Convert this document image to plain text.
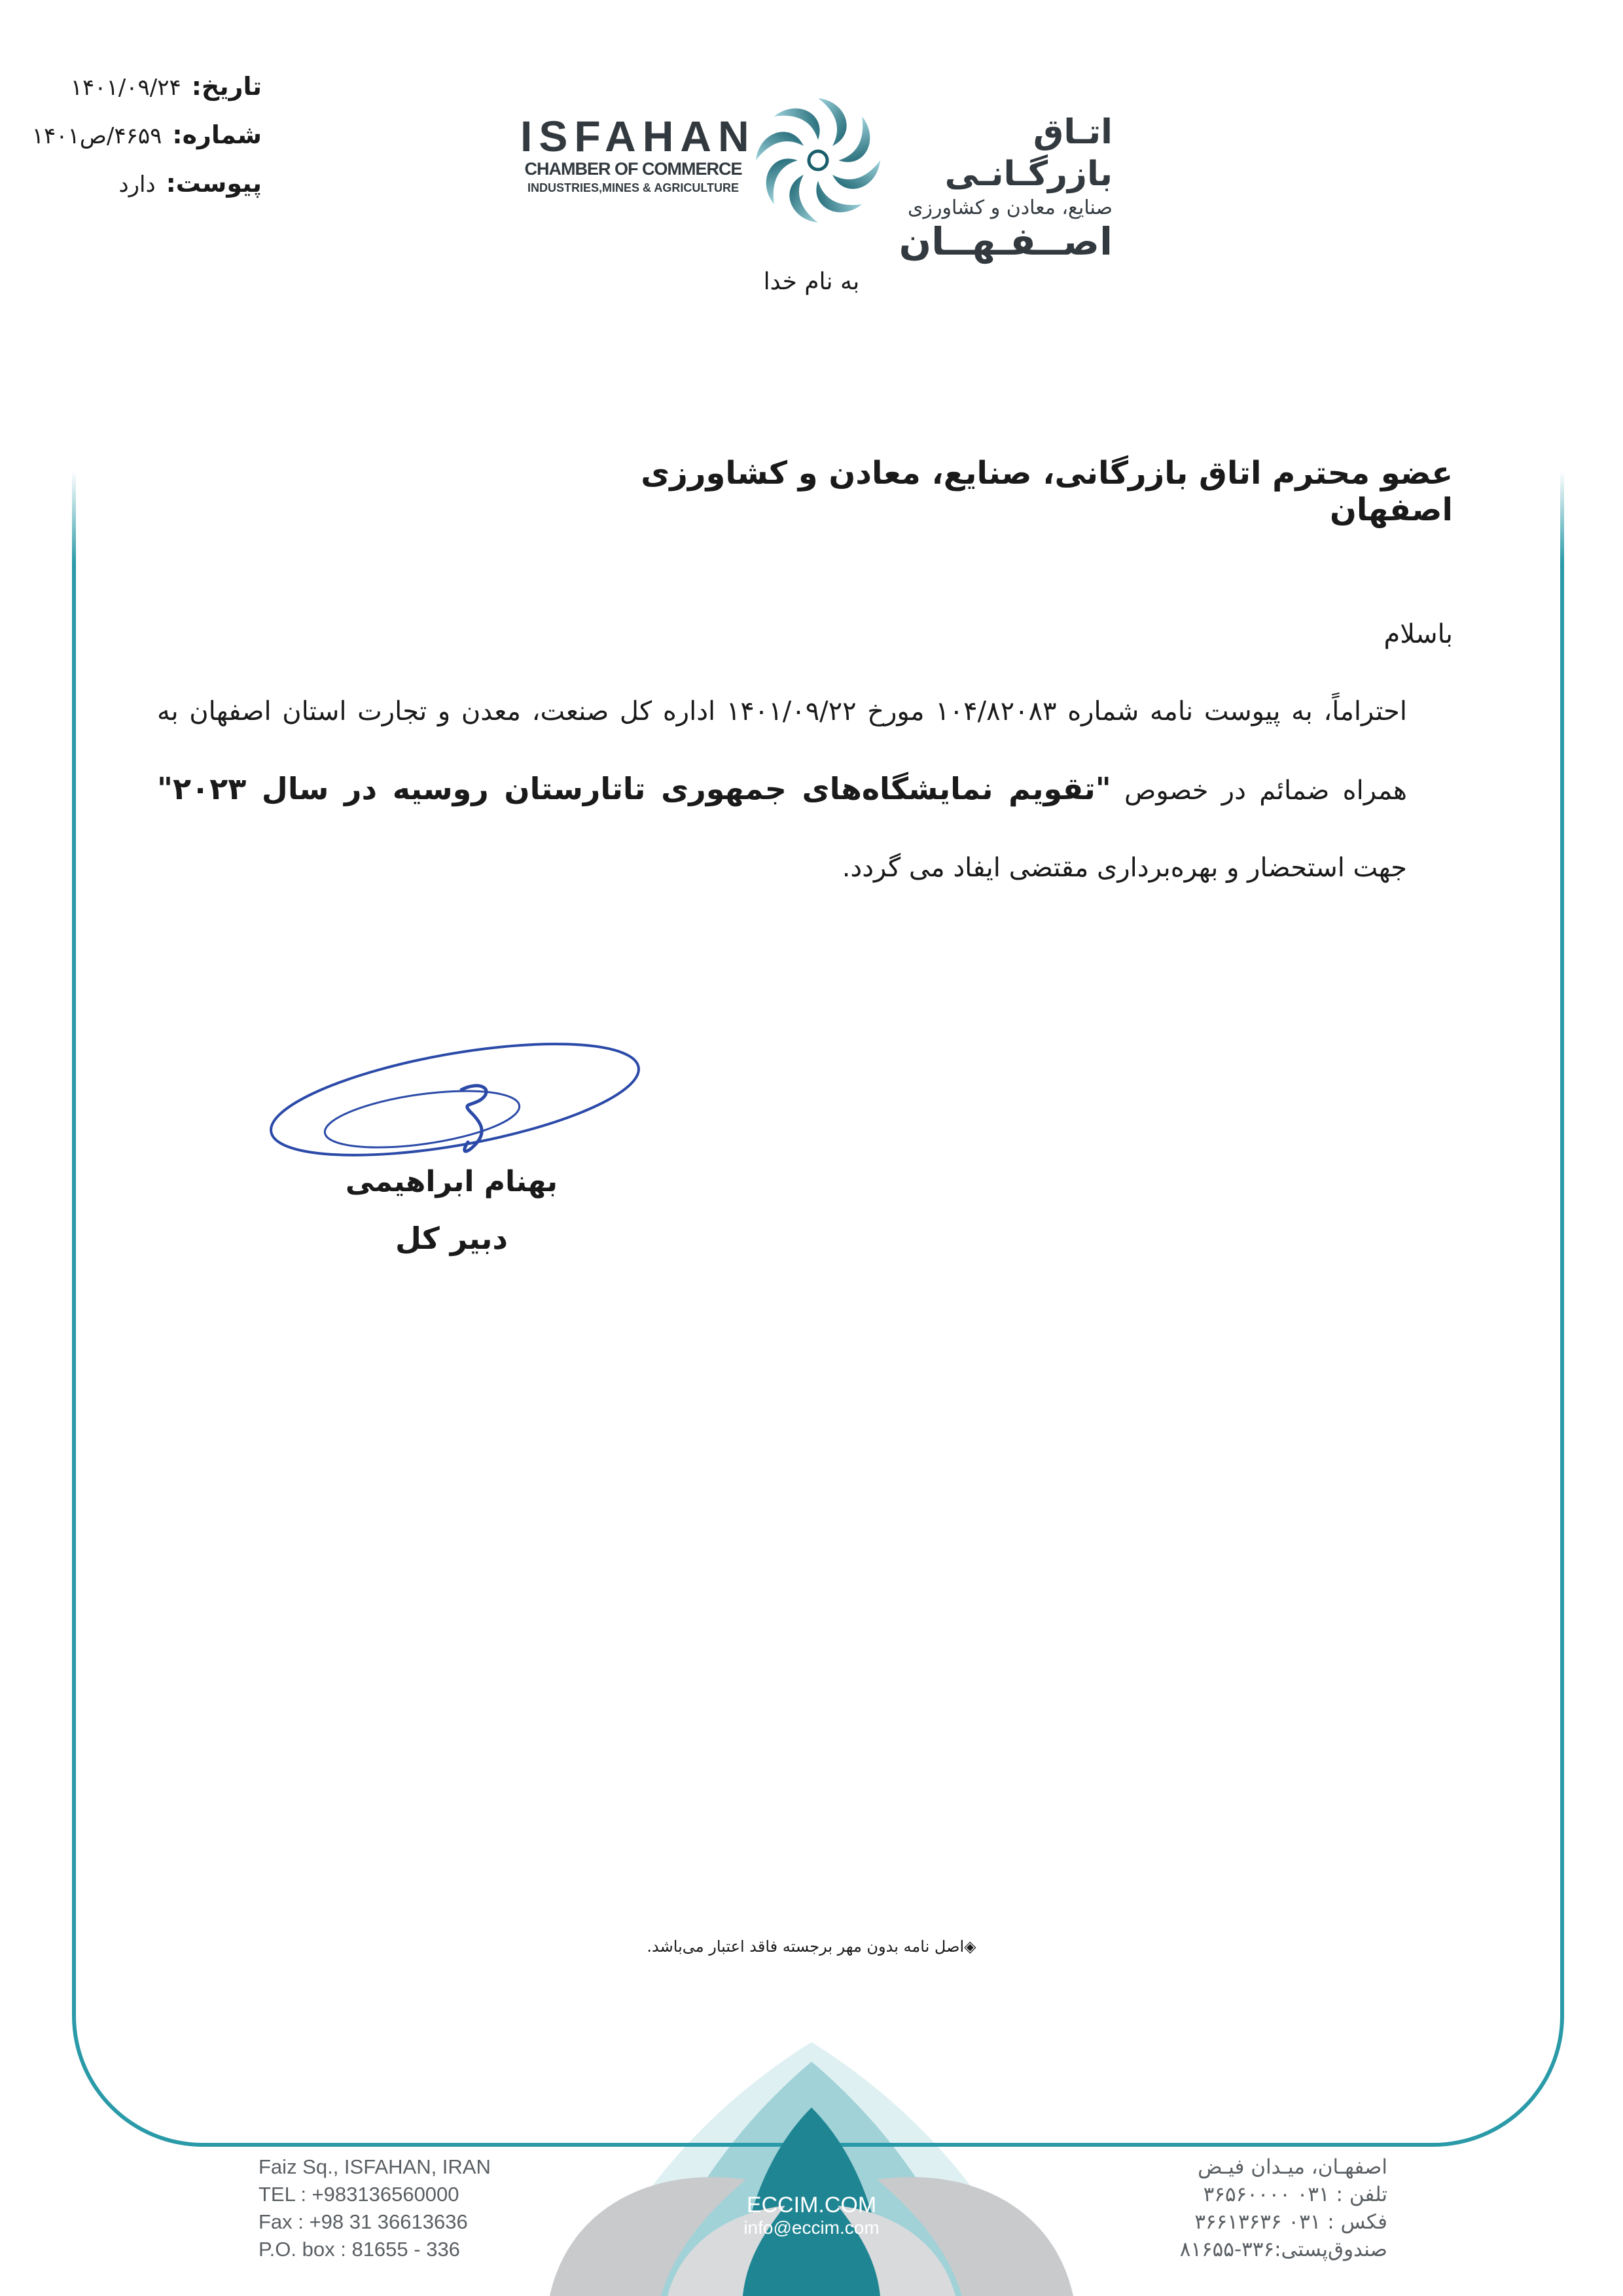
تاریخ:
۱۴۰۱/۰۹/۲۴
شماره:
۴۶۵۹/ص۱۴۰۱
پیوست:
دارد
ISFAHAN
CHAMBER OF COMMERCE
INDUSTRIES,MINES & AGRICULTURE
اتـاق بازرگـانـی
صنایع، معادن و کشاورزی
اصــفـهــان
به نام خدا
عضو محترم اتاق بازرگانی، صنایع، معادن و کشاورزی اصفهان

باسلام

احتراماً، به پیوست نامه شماره ۱۰۴/۸۲۰۸۳ مورخ ۱۴۰۱/۰۹/۲۲ اداره کل صنعت، معدن و تجارت استان اصفهان به همراه ضمائم در خصوص "تقویم نمایشگاه‌های جمهوری تاتارستان روسیه در سال ۲۰۲۳" جهت استحضار و بهره‌برداری مقتضی ایفاد می گردد.

بهنام ابراهیمی
دبیر کل
◈اصل نامه بدون مهر برجسته فاقد اعتبار می‌باشد.
Faiz Sq., ISFAHAN, IRAN
TEL : +983136560000
Fax : +98 31 36613636
P.O. box : 81655 - 336
ECCIM.COM
info@eccim.com
اصفهـان، میـدان فیـض
تلفن : ۰۳۱ ۳۶۵۶۰۰۰۰
فکس : ۰۳۱ ۳۶۶۱۳۶۳۶
صندوق‌پستی:۳۳۶-۸۱۶۵۵
